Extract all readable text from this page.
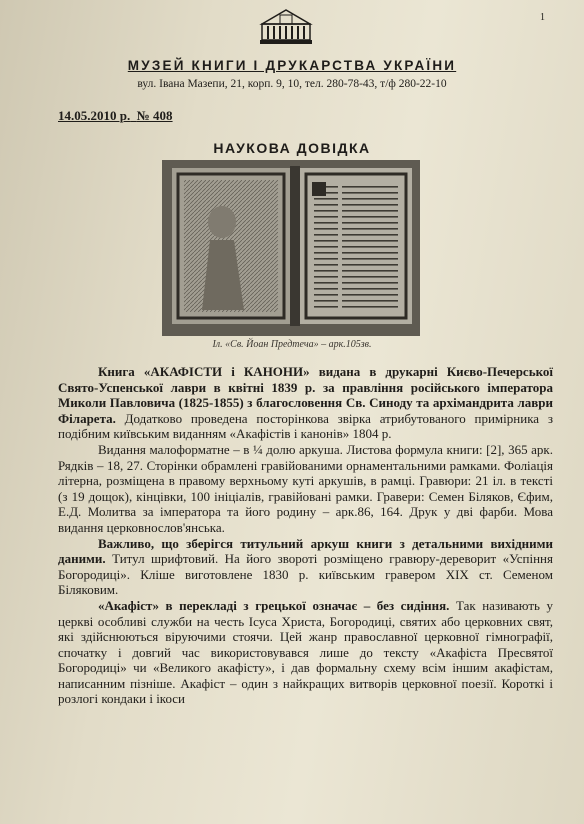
1
МУЗЕЙ КНИГИ І ДРУКАРСТВА УКРАЇНИ
вул. Івана Мазепи, 21, корп. 9, 10, тел. 280-78-43, т/ф 280-22-10
14.05.2010 р. № 408
НАУКОВА ДОВІДКА
Іл. «Св. Йоан Предтеча» – арк.105зв.

Книга «АКАФІСТИ і КАНОНИ» видана в друкарні Києво-Печерської Свято-Успенської лаври в квітні 1839 р. за правління російського імператора Миколи Павловича (1825-1855) з благословення Св. Синоду та архімандрита лаври Філарета. Додатково проведена посторінкова звірка атрибутованого примірника з подібним київським виданням «Акафістів і канонів» 1804 р.

Видання малоформатне – в ¼ долю аркуша. Листова формула книги: [2], 365 арк. Рядків – 18, 27. Сторінки обрамлені гравійованими орнаментальними рамками. Фоліація літерна, розміщена в правому верхньому куті аркушів, в рамці. Гравюри: 21 іл. в тексті (з 19 дощок), кінцівки, 100 ініціалів, гравійовані рамки. Гравери: Семен Біляков, Єфим, Е.Д. Молитва за імператора та його родину – арк.86, 164. Друк у дві фарби. Мова видання церковнослов'янська.

Важливо, що зберігся титульний аркуш книги з детальними вихідними даними. Титул шрифтовий. На його звороті розміщено гравюру-дереворит «Успіння Богородиці». Кліше виготовлене 1830 р. київським гравером XIX ст. Семеном Біляковим.

«Акафіст» в перекладі з грецької означає – без сидіння. Так називають у церкві особливі служби на честь Ісуса Христа, Богородиці, святих або церковних свят, які здійснюються віруючими стоячи. Цей жанр православної церковної гімнографії, спочатку і довгий час використовувався лише до тексту «Акафіста Пресвятої Богородиці» чи «Великого акафісту», і дав формальну схему всім іншим акафістам, написанним пізніше. Акафіст – один з найкращих витворів церковної поезії. Короткі і розлогі кондаки і ікоси
